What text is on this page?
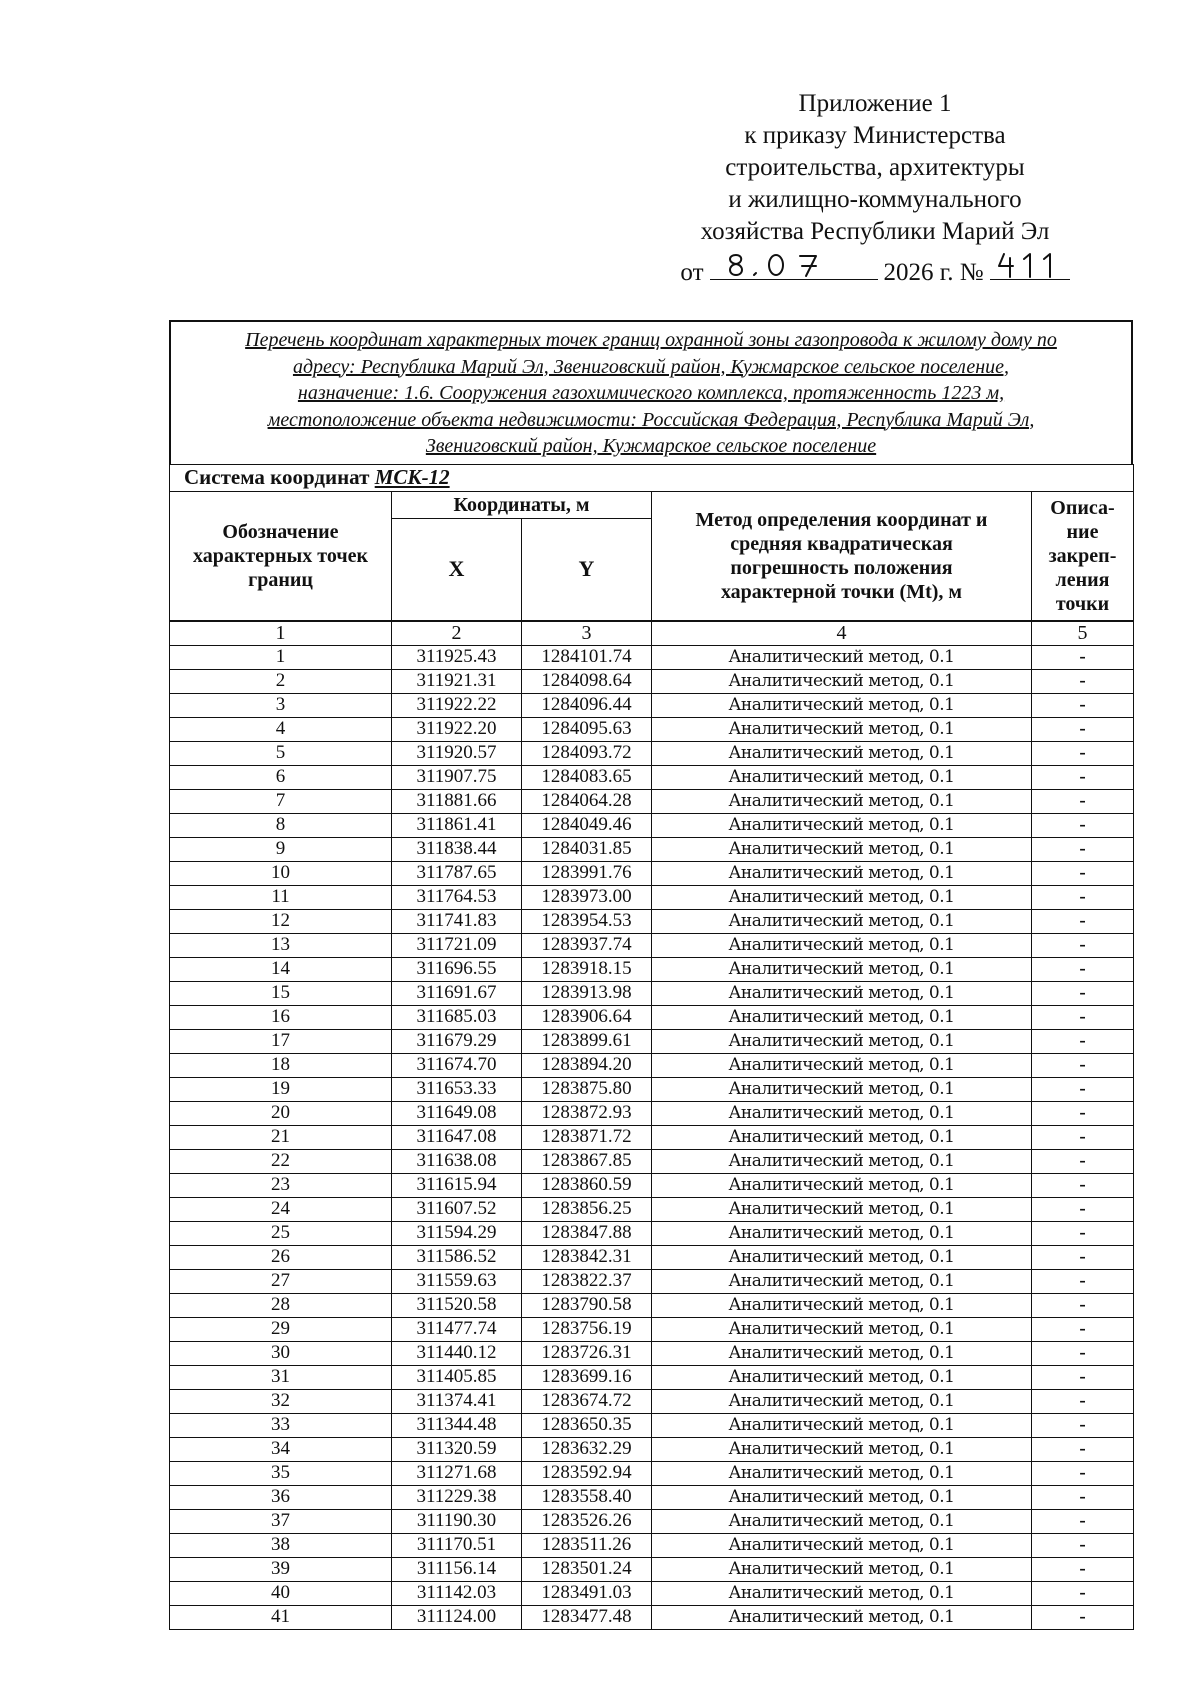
Приложение 1
к приказу Министерства
строительства, архитектуры
и жилищно-коммунального
хозяйства Республики Марий Эл
от	2026 г. №
Перечень координат характерных точек границ охранной зоны газопровода к жилому дому по
адресу: Республика Марий Эл, Звениговский район, Кужмарское сельское поселение,
назначение: 1.6. Сооружения газохимического комплекса, протяженность 1223 м,
местоположение объекта недвижимости: Российская Федерация, Республика Марий Эл,
Звениговский район, Кужмарское сельское поселение
Система координат МСК-12				

Обозначение
характерных точек
границ	Координаты, м		Метод определения координат и
средняя квадратическая
погрешность положения
характерной точки (Mt), м	Описа-
ние
закреп-
ления
точки

	X	Y		
1	2	3	4	5
1	311925.43	1284101.74	Аналитический метод, 0.1	-
2	311921.31	1284098.64	Аналитический метод, 0.1	-
3	311922.22	1284096.44	Аналитический метод, 0.1	-
4	311922.20	1284095.63	Аналитический метод, 0.1	-
5	311920.57	1284093.72	Аналитический метод, 0.1	-
6	311907.75	1284083.65	Аналитический метод, 0.1	-
7	311881.66	1284064.28	Аналитический метод, 0.1	-
8	311861.41	1284049.46	Аналитический метод, 0.1	-
9	311838.44	1284031.85	Аналитический метод, 0.1	-
10	311787.65	1283991.76	Аналитический метод, 0.1	-
11	311764.53	1283973.00	Аналитический метод, 0.1	-
12	311741.83	1283954.53	Аналитический метод, 0.1	-
13	311721.09	1283937.74	Аналитический метод, 0.1	-
14	311696.55	1283918.15	Аналитический метод, 0.1	-
15	311691.67	1283913.98	Аналитический метод, 0.1	-
16	311685.03	1283906.64	Аналитический метод, 0.1	-
17	311679.29	1283899.61	Аналитический метод, 0.1	-
18	311674.70	1283894.20	Аналитический метод, 0.1	-
19	311653.33	1283875.80	Аналитический метод, 0.1	-
20	311649.08	1283872.93	Аналитический метод, 0.1	-
21	311647.08	1283871.72	Аналитический метод, 0.1	-
22	311638.08	1283867.85	Аналитический метод, 0.1	-
23	311615.94	1283860.59	Аналитический метод, 0.1	-
24	311607.52	1283856.25	Аналитический метод, 0.1	-
25	311594.29	1283847.88	Аналитический метод, 0.1	-
26	311586.52	1283842.31	Аналитический метод, 0.1	-
27	311559.63	1283822.37	Аналитический метод, 0.1	-
28	311520.58	1283790.58	Аналитический метод, 0.1	-
29	311477.74	1283756.19	Аналитический метод, 0.1	-
30	311440.12	1283726.31	Аналитический метод, 0.1	-
31	311405.85	1283699.16	Аналитический метод, 0.1	-
32	311374.41	1283674.72	Аналитический метод, 0.1	-
33	311344.48	1283650.35	Аналитический метод, 0.1	-
34	311320.59	1283632.29	Аналитический метод, 0.1	-
35	311271.68	1283592.94	Аналитический метод, 0.1	-
36	311229.38	1283558.40	Аналитический метод, 0.1	-
37	311190.30	1283526.26	Аналитический метод, 0.1	-
38	311170.51	1283511.26	Аналитический метод, 0.1	-
39	311156.14	1283501.24	Аналитический метод, 0.1	-
40	311142.03	1283491.03	Аналитический метод, 0.1	-
41	311124.00	1283477.48	Аналитический метод, 0.1	-
